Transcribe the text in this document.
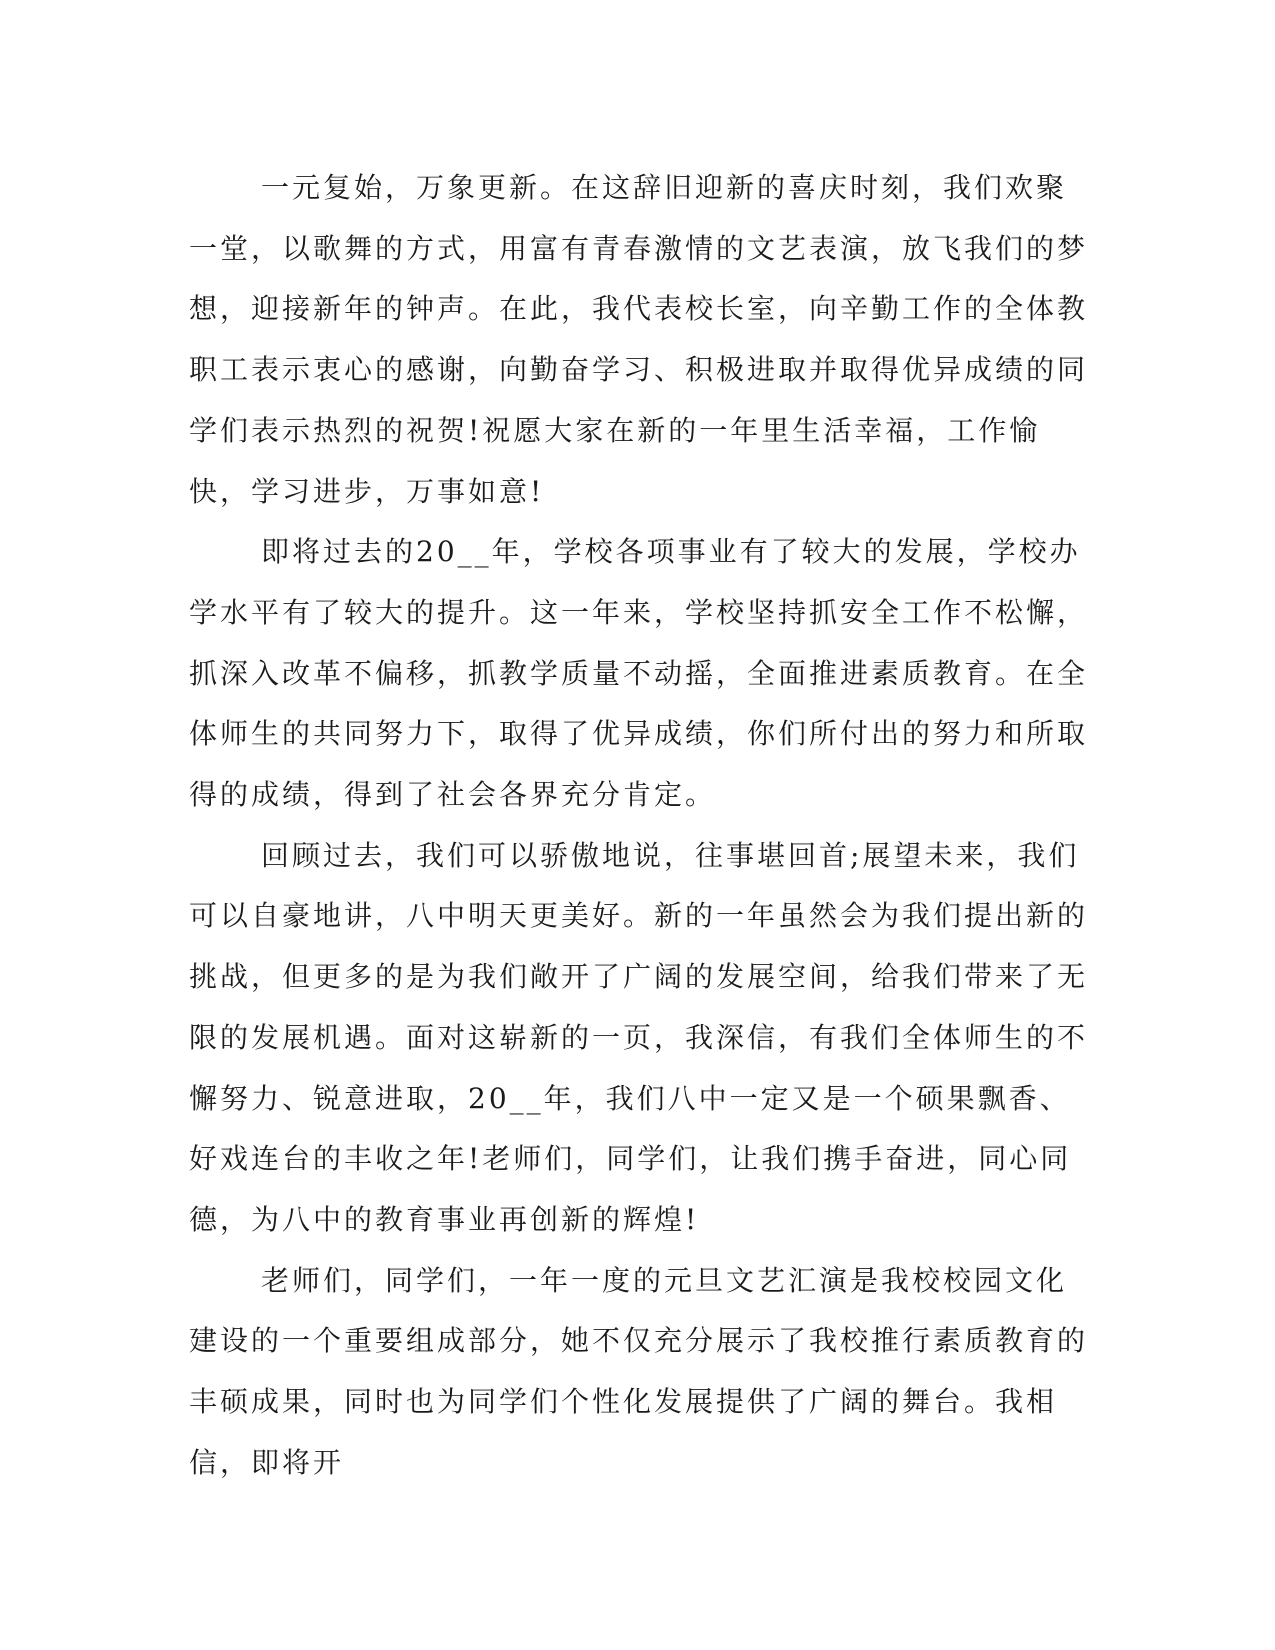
一元复始，万象更新。在这辞旧迎新的喜庆时刻，我们欢聚一堂，以歌舞的方式，用富有青春激情的文艺表演，放飞我们的梦想，迎接新年的钟声。在此，我代表校长室，向辛勤工作的全体教职工表示衷心的感谢，向勤奋学习、积极进取并取得优异成绩的同学们表示热烈的祝贺!祝愿大家在新的一年里生活幸福，工作愉快，学习进步，万事如意!

即将过去的20__年，学校各项事业有了较大的发展，学校办学水平有了较大的提升。这一年来，学校坚持抓安全工作不松懈，抓深入改革不偏移，抓教学质量不动摇，全面推进素质教育。在全体师生的共同努力下，取得了优异成绩，你们所付出的努力和所取得的成绩，得到了社会各界充分肯定。

回顾过去，我们可以骄傲地说，往事堪回首;展望未来，我们可以自豪地讲，八中明天更美好。新的一年虽然会为我们提出新的挑战，但更多的是为我们敞开了广阔的发展空间，给我们带来了无限的发展机遇。面对这崭新的一页，我深信，有我们全体师生的不懈努力、锐意进取，20__年，我们八中一定又是一个硕果飘香、好戏连台的丰收之年!老师们，同学们，让我们携手奋进，同心同德，为八中的教育事业再创新的辉煌!

老师们，同学们，一年一度的元旦文艺汇演是我校校园文化建设的一个重要组成部分，她不仅充分展示了我校推行素质教育的丰硕成果，同时也为同学们个性化发展提供了广阔的舞台。我相信，即将开
